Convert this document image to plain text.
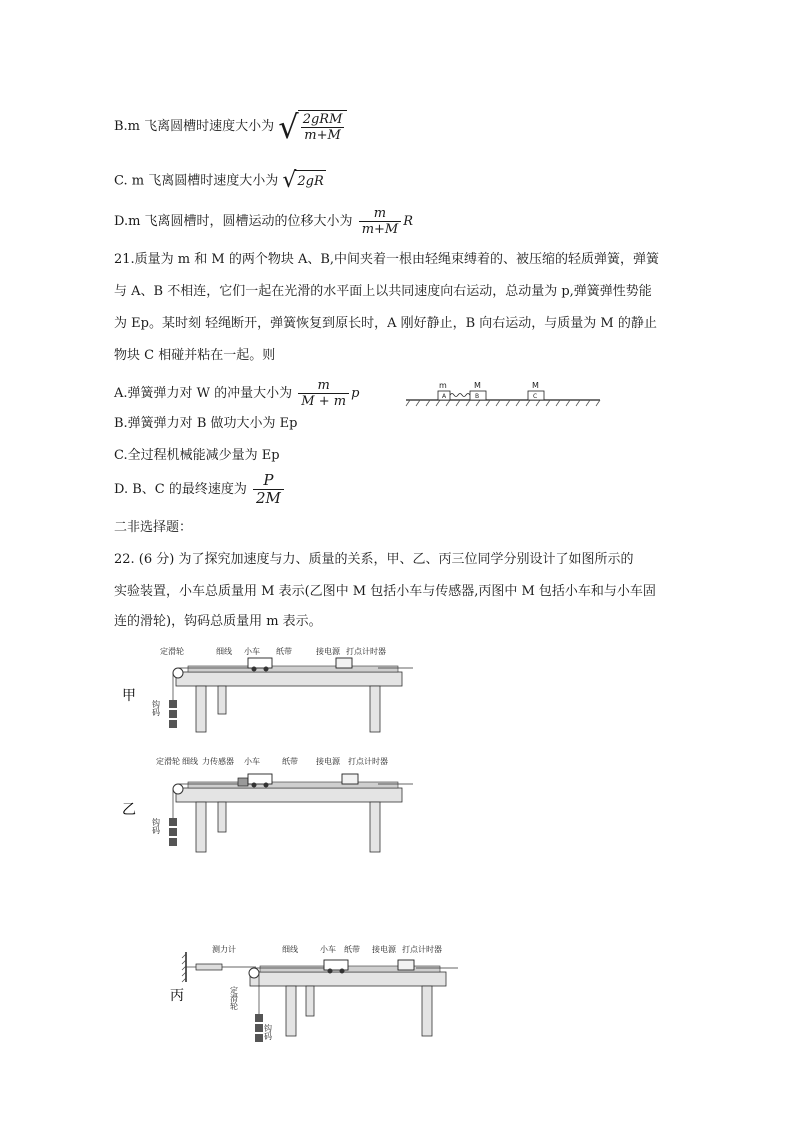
B.m 飞离圆槽时速度大小为 √ $\frac{\text{2gRM}}{m+M}$
C. m 飞离圆槽时速度大小为 √ 2gR
D.m 飞离圆槽时，圆槽运动的位移大小为 $\frac{m}{m+M}$ R
21.质量为 m 和 M 的两个物块 A、B,中间夹着一根由轻绳束缚着的、被压缩的轻质弹簧，弹簧
与 A、B 不相连，它们一起在光滑的水平面上以共同速度向右运动，总动量为 p,弹簧弹性势能
为 Ep。某时刻 轻绳断开，弹簧恢复到原长时，A 刚好静止，B 向右运动，与质量为 M 的静止
物块 C 相碰并粘在一起。则
A.弹簧弹力对 W 的冲量大小为 $\frac{m}{M + m}$ p
m
A
M
B
M
C
B.弹簧弹力对 B 做功大小为 Ep
C.全过程机械能减少量为 Ep
D. B、C 的最终速度为 $\frac{P}{2M}$
二非选择题：
22. (6 分) 为了探究加速度与力、质量的关系，甲、乙、丙三位同学分别设计了如图所示的
实验装置，小车总质量用 M 表示(乙图中 M 包括小车与传感器,丙图中 M 包括小车和与小车固
连的滑轮)，钩码总质量用 m 表示。
定滑轮	细线 小车 纸带	接电源 打点计时器
钩码
甲
定滑轮 细线 力传感器 小车	纸带 接电源 打点计时器
钩码
乙
测力计	细线	小车 纸带 接电源 打点计时器
定滑轮
钩码
丙
